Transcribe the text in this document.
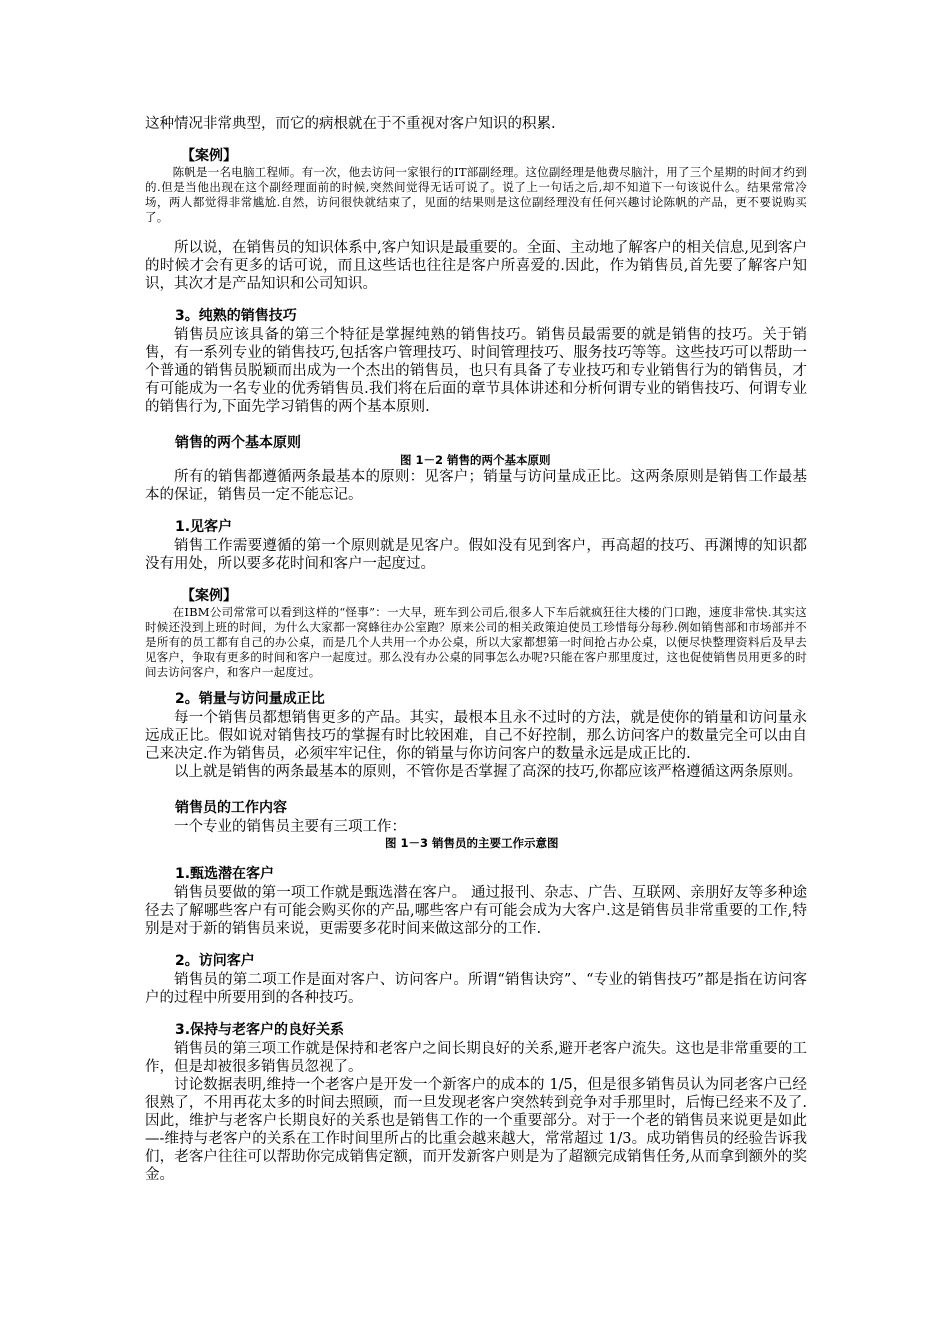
这种情况非常典型，而它的病根就在于不重视对客户知识的积累.

【案例】

陈帆是一名电脑工程师。有一次，他去访问一家银行的IT部副经理。这位副经理是他费尽脑汁，用了三个星期的时间才约到的.但是当他出现在这个副经理面前的时候,突然间觉得无话可说了。说了上一句话之后,却不知道下一句该说什么。结果常常冷场，两人都觉得非常尴尬.自然，访问很快就结束了，见面的结果则是这位副经理没有任何兴趣讨论陈帆的产品，更不要说购买了。

所以说，在销售员的知识体系中,客户知识是最重要的。全面、主动地了解客户的相关信息,见到客户的时候才会有更多的话可说，而且这些话也往往是客户所喜爱的.因此，作为销售员,首先要了解客户知识，其次才是产品知识和公司知识。

3。纯熟的销售技巧

销售员应该具备的第三个特征是掌握纯熟的销售技巧。销售员最需要的就是销售的技巧。关于销售，有一系列专业的销售技巧,包括客户管理技巧、时间管理技巧、服务技巧等等。这些技巧可以帮助一个普通的销售员脱颖而出成为一个杰出的销售员，也只有具备了专业技巧和专业销售行为的销售员，才有可能成为一名专业的优秀销售员.我们将在后面的章节具体讲述和分析何谓专业的销售技巧、何谓专业的销售行为,下面先学习销售的两个基本原则.

销售的两个基本原则

图 1－2 销售的两个基本原则

所有的销售都遵循两条最基本的原则：见客户；销量与访问量成正比。这两条原则是销售工作最基本的保证，销售员一定不能忘记。

1.见客户

销售工作需要遵循的第一个原则就是见客户。假如没有见到客户，再高超的技巧、再渊博的知识都没有用处，所以要多花时间和客户一起度过。

【案例】

在IBM公司常常可以看到这样的“怪事”：一大早，班车到公司后,很多人下车后就疯狂往大楼的门口跑，速度非常快.其实这时候还没到上班的时间，为什么大家都一窝蜂往办公室跑？原来公司的相关政策迫使员工珍惜每分每秒.例如销售部和市场部并不是所有的员工都有自己的办公桌，而是几个人共用一个办公桌，所以大家都想第一时间抢占办公桌，以便尽快整理资料后及早去见客户，争取有更多的时间和客户一起度过。那么没有办公桌的同事怎么办呢?只能在客户那里度过，这也促使销售员用更多的时间去访问客户，和客户一起度过。

2。销量与访问量成正比

每一个销售员都想销售更多的产品。其实，最根本且永不过时的方法，就是使你的销量和访问量永远成正比。假如说对销售技巧的掌握有时比较困难，自己不好控制，那么访问客户的数量完全可以由自己来决定.作为销售员，必须牢牢记住，你的销量与你访问客户的数量永远是成正比的.

以上就是销售的两条最基本的原则，不管你是否掌握了高深的技巧,你都应该严格遵循这两条原则。

销售员的工作内容

一个专业的销售员主要有三项工作：

图 1－3 销售员的主要工作示意图

1.甄选潜在客户

销售员要做的第一项工作就是甄选潜在客户。 通过报刊、杂志、广告、互联网、亲朋好友等多种途径去了解哪些客户有可能会购买你的产品,哪些客户有可能会成为大客户.这是销售员非常重要的工作,特别是对于新的销售员来说，更需要多花时间来做这部分的工作.

2。访问客户

销售员的第二项工作是面对客户、访问客户。所谓“销售诀窍”、“专业的销售技巧”都是指在访问客户的过程中所要用到的各种技巧。

3.保持与老客户的良好关系

销售员的第三项工作就是保持和老客户之间长期良好的关系,避开老客户流失。这也是非常重要的工作，但是却被很多销售员忽视了。

讨论数据表明,维持一个老客户是开发一个新客户的成本的 1/5，但是很多销售员认为同老客户已经很熟了，不用再花太多的时间去照顾，而一旦发现老客户突然转到竞争对手那里时，后悔已经来不及了.因此，维护与老客户长期良好的关系也是销售工作的一个重要部分。对于一个老的销售员来说更是如此—-维持与老客户的关系在工作时间里所占的比重会越来越大，常常超过 1/3。成功销售员的经验告诉我们，老客户往往可以帮助你完成销售定额，而开发新客户则是为了超额完成销售任务,从而拿到额外的奖金。
